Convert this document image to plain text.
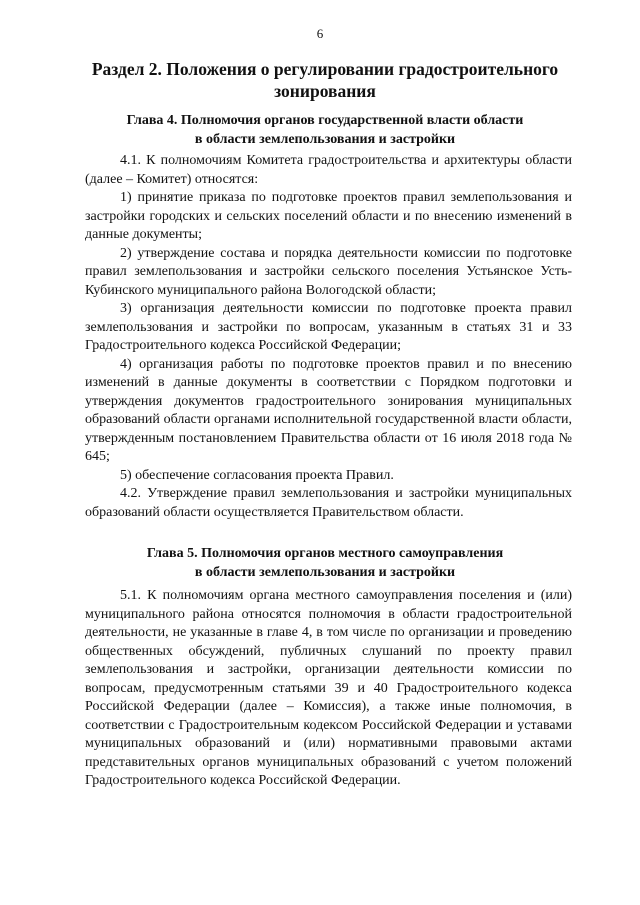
6
Раздел 2. Положения о регулировании градостроительного зонирования
Глава 4. Полномочия органов государственной власти области
в области землепользования и застройки

4.1. К полномочиям Комитета градостроительства и архитектуры области (далее – Комитет) относятся:

1) принятие приказа по подготовке проектов правил землепользования и застройки городских и сельских поселений области и по внесению изменений в данные документы;

2) утверждение состава и порядка деятельности комиссии по подготовке правил землепользования и застройки сельского поселения Устьянское Усть-Кубинского муниципального района Вологодской области;

3) организация деятельности комиссии по подготовке проекта правил землепользования и застройки по вопросам, указанным в статьях 31 и 33 Градостроительного кодекса Российской Федерации;

4) организация работы по подготовке проектов правил и по внесению изменений в данные документы в соответствии с Порядком подготовки и утверждения документов градостроительного зонирования муниципальных образований области органами исполнительной государственной власти области, утвержденным постановлением Правительства области от 16 июля 2018 года № 645;

5) обеспечение согласования проекта Правил.

4.2. Утверждение правил землепользования и застройки муниципальных образований области осуществляется Правительством области.

Глава 5. Полномочия органов местного самоуправления
в области землепользования и застройки

5.1. К полномочиям органа местного самоуправления поселения и (или) муниципального района относятся полномочия в области градостроительной деятельности, не указанные в главе 4, в том числе по организации и проведению общественных обсуждений, публичных слушаний по проекту правил землепользования и застройки, организации деятельности комиссии по вопросам, предусмотренным статьями 39 и 40 Градостроительного кодекса Российской Федерации (далее – Комиссия), а также иные полномочия, в соответствии с Градостроительным кодексом Российской Федерации и уставами муниципальных образований и (или) нормативными правовыми актами представительных органов муниципальных образований с учетом положений Градостроительного кодекса Российской Федерации.
